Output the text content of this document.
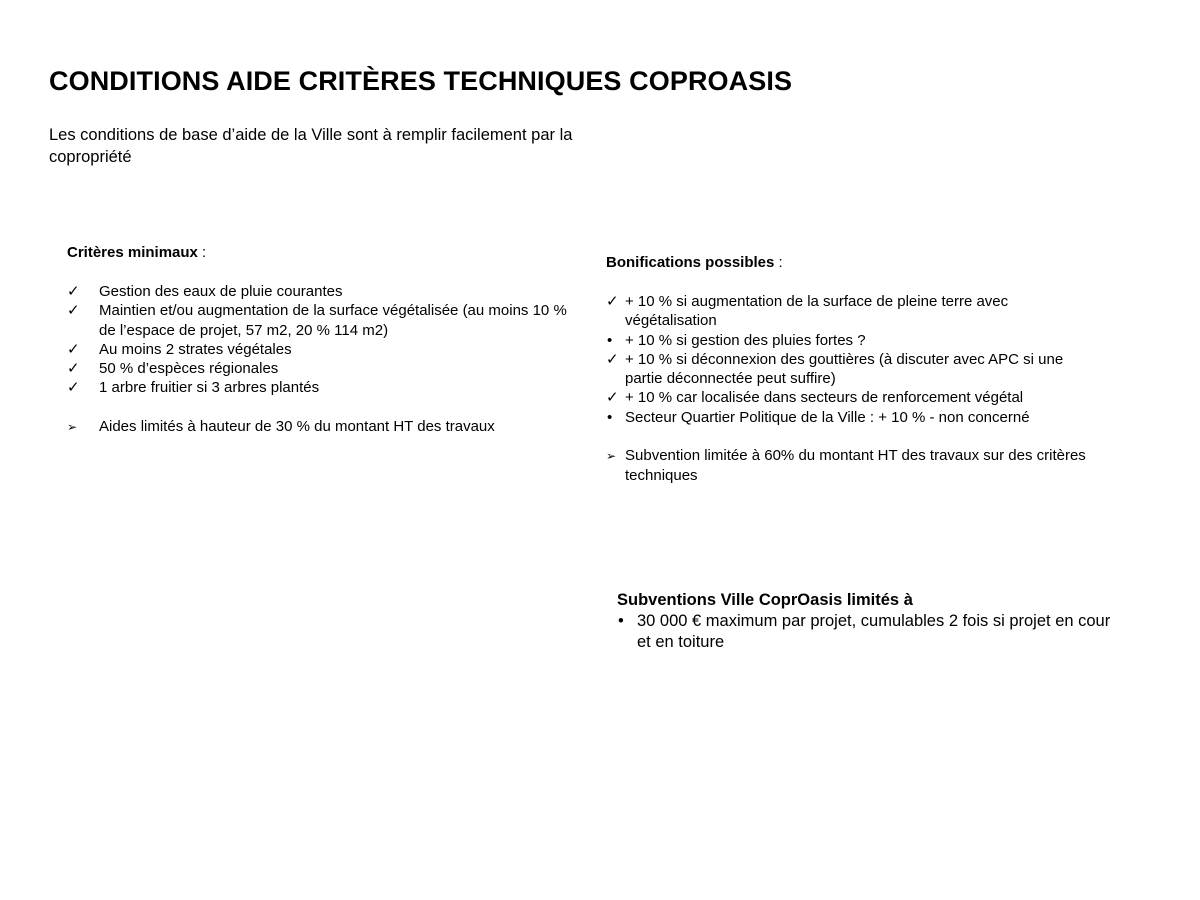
CONDITIONS AIDE CRITÈRES TECHNIQUES COPROASIS

Les conditions de base d’aide de la Ville sont à remplir facilement par la copropriété

Critères minimaux :

✓	Gestion des eaux de pluie courantes
✓	Maintien et/ou augmentation de la surface végétalisée (au moins 10 % de l’espace de projet, 57 m2, 20 % 114 m2)
✓	Au moins 2 strates végétales
✓	50 % d’espèces régionales
✓	1 arbre fruitier si 3 arbres plantés
➢	Aides limités à hauteur de 30 % du montant HT des travaux

Bonifications possibles :

✓ + 10 % si augmentation de la surface de pleine terre avec végétalisation
• + 10 % si gestion des pluies fortes ?
✓ + 10 % si déconnexion des gouttières (à discuter avec APC si une partie déconnectée peut suffire)
✓ + 10 % car localisée dans secteurs de renforcement végétal
• Secteur Quartier Politique de la Ville : + 10 % - non concerné
➢ Subvention limitée à 60% du montant HT des travaux sur des critères techniques

Subventions Ville CoprOasis limités à

• 30 000 € maximum par projet, cumulables 2 fois si projet en cour et en toiture
